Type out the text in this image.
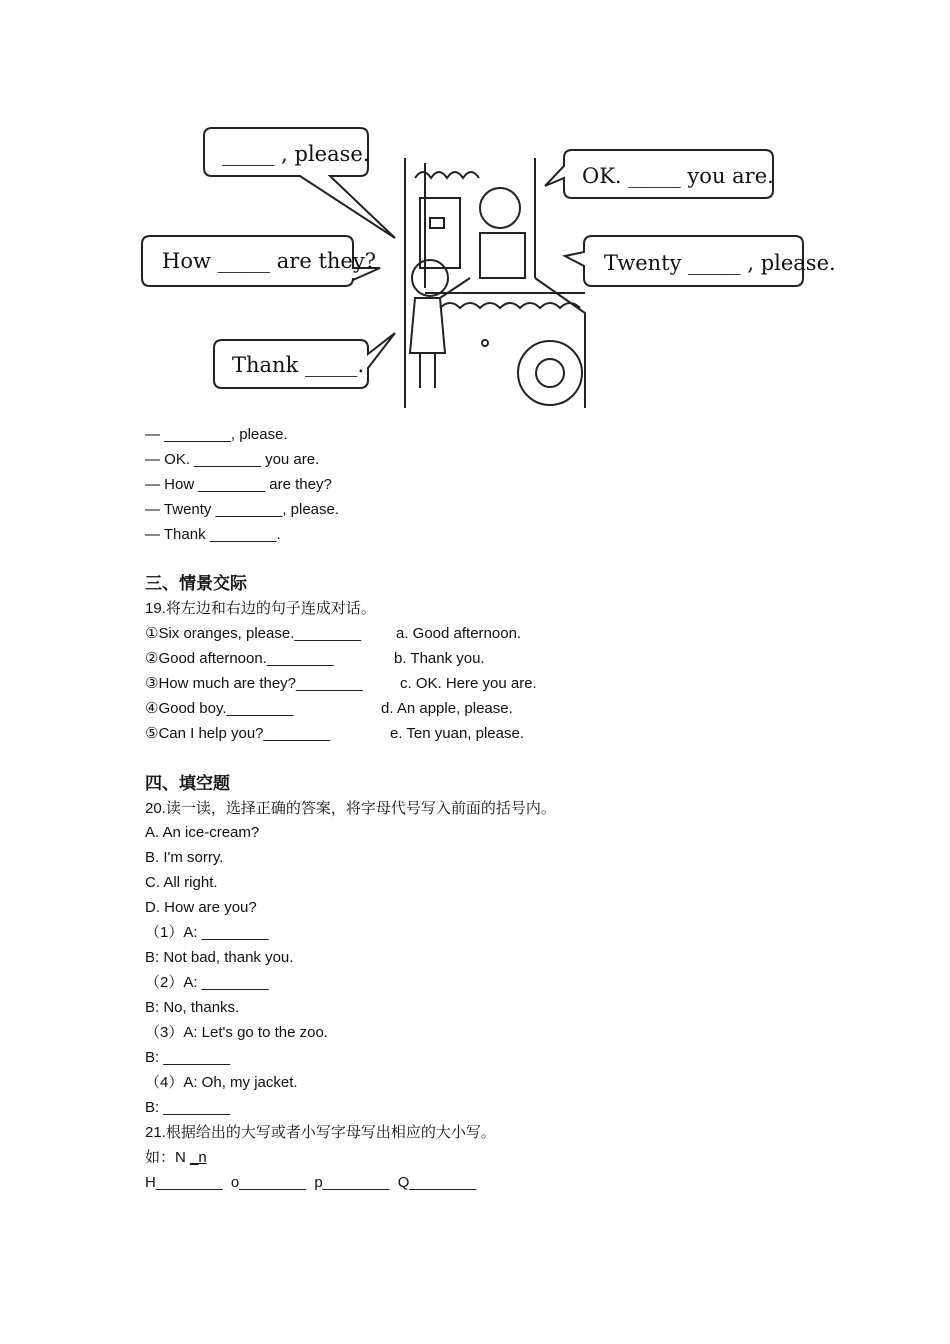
_____ , please.
OK. _____ you are.
How _____ are they?	Twenty _____ , please.
Thank _____.
— ________, please.
— OK. ________ you are.
— How ________ are they?
— Twenty ________, please.
— Thank ________.
三、情景交际
19.将左边和右边的句子连成对话。
①Six oranges, please.________
②Good afternoon.________
③How much are they?________
④Good boy.________
⑤Can I help you?________
a. Good afternoon.
b. Thank you.
c. OK. Here you are.
d. An apple, please.
e. Ten yuan, please.
四、填空题
20.读一读，选择正确的答案，将字母代号写入前面的括号内。
A. An ice-cream?
B. I'm sorry.
C. All right.
D. How are you?
（1）A: ________
B: Not bad, thank you.
（2）A: ________
B: No, thanks.
（3）A: Let's go to the zoo.
B: ________
（4）A: Oh, my jacket.
B: ________
21.根据给出的大写或者小写字母写出相应的大小写。
如：N _n
H________  o________  p________  Q________
